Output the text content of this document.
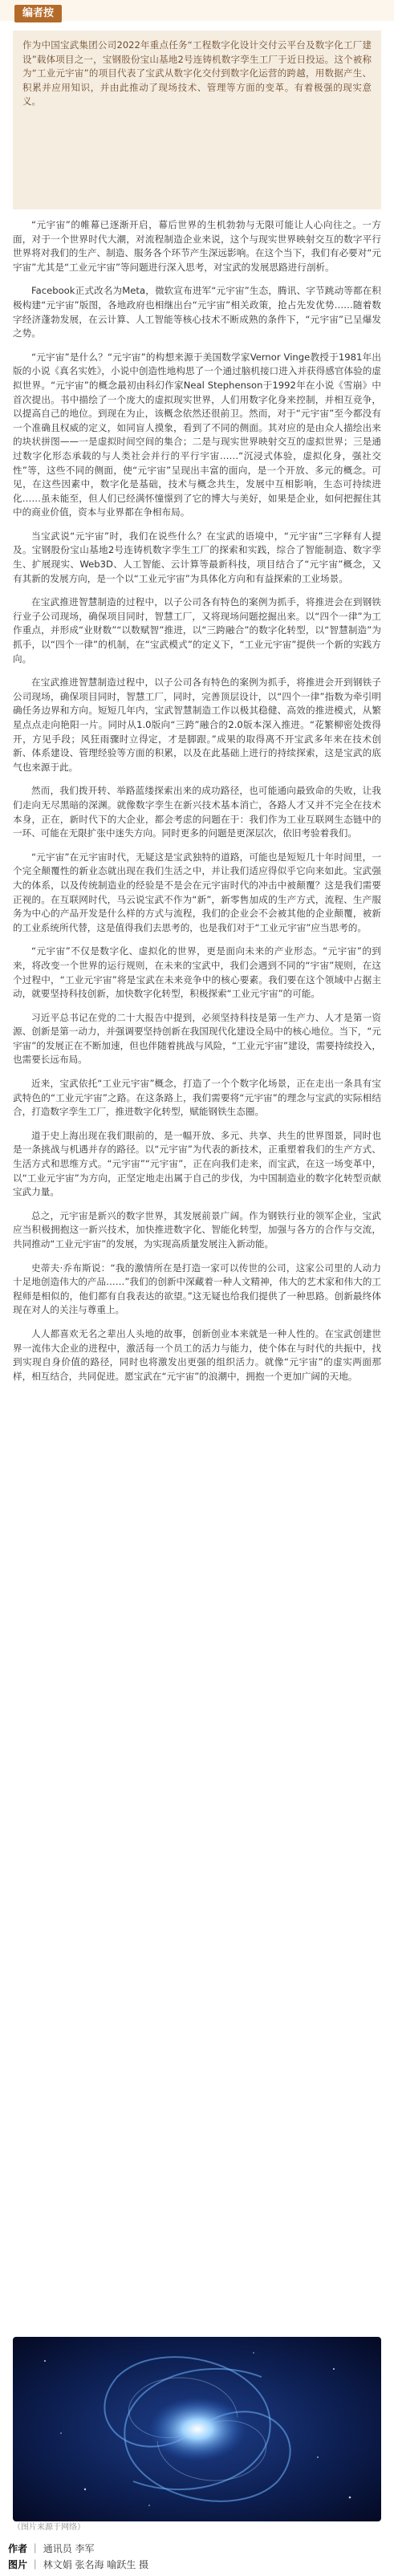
编者按
作为中国宝武集团公司2022年重点任务“工程数字化设计交付云平台及数字化工厂建设”载体项目之一，宝钢股份宝山基地2号连铸机数字孪生工厂于近日投运。这个被称为“工业元宇宙”的项目代表了宝武从数字化交付到数字化运营的跨越，用数据产生、积累并应用知识，并由此推动了现场技术、管理等方面的变革。有着极强的现实意义。

“元宇宙”的帷幕已逐渐开启，幕后世界的生机勃勃与无限可能让人心向往之。一方面，对于一个世界时代大潮，对流程制造企业来说，这个与现实世界映射交互的数字平行世界将对我们的生产、制造、服务各个环节产生深远影响。在这个当下，我们有必要对“元宇宙”尤其是“工业元宇宙”等问题进行深入思考，对宝武的发展思路进行剖析。

Facebook正式改名为Meta，微软宣布进军“元宇宙”生态，腾讯、字节跳动等都在积极构建“元宇宙”版图，各地政府也相继出台“元宇宙”相关政策，抢占先发优势……随着数字经济蓬勃发展，在云计算、人工智能等核心技术不断成熟的条件下，“元宇宙”已呈爆发之势。

“元宇宙”是什么？“元宇宙”的构想来源于美国数学家Vernor Vinge教授于1981年出版的小说《真名实姓》，小说中创造性地构思了一个通过脑机接口进入并获得感官体验的虚拟世界。“元宇宙”的概念最初由科幻作家Neal Stephenson于1992年在小说《雪崩》中首次提出。书中描绘了一个庞大的虚拟现实世界，人们用数字化身来控制，并相互竞争，以提高自己的地位。到现在为止，该概念依然还很前卫。然而，对于“元宇宙”至今都没有一个准确且权威的定义，如同盲人摸象，看到了不同的侧面。其对应的是由众人描绘出来的块状拼图——一是虚拟时间空间的集合；二是与现实世界映射交互的虚拟世界；三是通过数字化形态承载的与人类社会并行的平行宇宙……“沉浸式体验，虚拟化身，强社交性”等，这些不同的侧面，使“元宇宙”呈现出丰富的面向，是一个开放、多元的概念。可见，在这些因素中，数字化是基础，技术与概念共生，发展中互相影响，生态可持续进化……虽未能至，但人们已经满怀憧憬到了它的博大与美好，如果是企业，如何把握住其中的商业价值，资本与业界都在争相布局。

当宝武说“元宇宙”时，我们在说些什么？在宝武的语境中，“元宇宙”三字释有人提及。宝钢股份宝山基地2号连铸机数字孪生工厂的探索和实践，综合了智能制造、数字孪生、扩展现实、Web3D、人工智能、云计算等最新科技，项目结合了“元宇宙”概念，又有其新的发展方向，是一个以“工业元宇宙”为具体化方向和有益探索的工业场景。

在宝武推进智慧制造的过程中，以子公司各有特色的案例为抓手，将推进会在到钢铁行业子公司现场，确保项目同时，智慧工厂，又将现场问题挖掘出来。以“四个一律”为工作重点，并形成“业财数”“以数赋智”推进，以“三跨融合”的数字化转型，以“智慧制造”为抓手，以“四个一律”的机制，在“宝武模式”的定义下，“工业元宇宙”提供一个新的实践方向。

在宝武推进智慧制造过程中，以子公司各有特色的案例为抓手，将推进会开到钢铁子公司现场，确保项目同时，智慧工厂，同时，完善顶层设计，以“四个一律”指数为牵引明确任务边界和方向。短短几年内，宝武智慧制造工作以极其稳健、高效的推进模式，从繁星点点走向艳阳一片。同时从1.0版向“三跨”融合的2.0版本深入推进。“花繁柳密处拨得开，方见手段；风狂雨骤时立得定，才是脚跟。”成果的取得离不开宝武多年来在技术创新、体系建设、管理经验等方面的积累，以及在此基础上进行的持续探索，这是宝武的底气也来源于此。

然而，我们拨开转、举路蓝缕探索出来的成功路径，也可能通向最致命的失败，让我们走向无尽黑暗的深渊。就像数字孪生在新兴技术基本消亡，各路人才又并不完全在技术本身，正在，新时代下的大企业，都会考虑的问题在于：我们作为工业互联网生态链中的一环、可能在无限扩张中迷失方向。同时更多的问题是更深层次，依旧考验着我们。

“元宇宙”在元宇宙时代，无疑这是宝武独特的道路，可能也是短短几十年时间里，一个完全颠覆性的新业态就出现在我们生活之中，并让我们适应得似乎它向来如此。宝武强大的体系，以及传统制造业的经验是不是会在元宇宙时代的冲击中被颠覆？这是我们需要正视的。在互联网时代，马云说宝武不作为“新”，新零售加成的生产方式，流程、生产服务为中心的产品开发是什么样的方式与流程，我们的企业会不会被其他的企业颠覆，被新的工业系统所代替，这是值得我们去思考的，也是我们对于“工业元宇宙”应当思考的。

“元宇宙”不仅是数字化、虚拟化的世界，更是面向未来的产业形态。“元宇宙”的到来，将改变一个世界的运行规则，在未来的宝武中，我们会遇到不同的“宇宙”规则，在这个过程中，“工业元宇宙”将是宝武在未来竞争中的核心要素。我们要在这个领域中占据主动，就要坚持科技创新，加快数字化转型，积极探索“工业元宇宙”的可能。

习近平总书记在党的二十大报告中提到，必须坚持科技是第一生产力、人才是第一资源、创新是第一动力，并强调要坚持创新在我国现代化建设全局中的核心地位。当下，“元宇宙”的发展正在不断加速，但也伴随着挑战与风险，“工业元宇宙”建设，需要持续投入，也需要长远布局。

近来，宝武依托“工业元宇宙”概念，打造了一个个数字化场景，正在走出一条具有宝武特色的“工业元宇宙”之路。在这条路上，我们需要将“元宇宙”的理念与宝武的实际相结合，打造数字孪生工厂，推进数字化转型，赋能钢铁生态圈。

道于史上海出现在我们眼前的，是一幅开放、多元、共享、共生的世界图景，同时也是一条挑战与机遇并存的路径。以“元宇宙”为代表的新技术，正重塑着我们的生产方式、生活方式和思维方式。“元宇宙”“元宇宙”，正在向我们走来，而宝武，在这一场变革中，以“工业元宇宙”为方向，正坚定地走出属于自己的步伐，为中国制造业的数字化转型贡献宝武力量。

总之，元宇宙是新兴的数字世界，其发展前景广阔。作为钢铁行业的领军企业，宝武应当积极拥抱这一新兴技术，加快推进数字化、智能化转型，加强与各方的合作与交流，共同推动“工业元宇宙”的发展，为实现高质量发展注入新动能。

史蒂夫·乔布斯说：“我的激情所在是打造一家可以传世的公司，这家公司里的人动力十足地创造伟大的产品……”我们的创新中深藏着一种人文精神，伟大的艺术家和伟大的工程师是相似的，他们都有自我表达的欲望。”这无疑也给我们提供了一种思路。创新最终体现在对人的关注与尊重上。

人人都喜欢无名之辈出人头地的故事，创新创业本来就是一种人性的。在宝武创建世界一流伟大企业的进程中，激活每一个员工的活力与能力，使个体在与时代的共振中，找到实现自身价值的路径，同时也将激发出更强的组织活力。就像“元宇宙”的虚实两面那样，相互结合，共同促进。愿宝武在“元宇宙”的浪潮中，拥抱一个更加广阔的天地。

（图片来源于网络）
作者 ｜ 通讯员 李军
图片 ｜ 林文娟 张名海 喻跃生 摄
